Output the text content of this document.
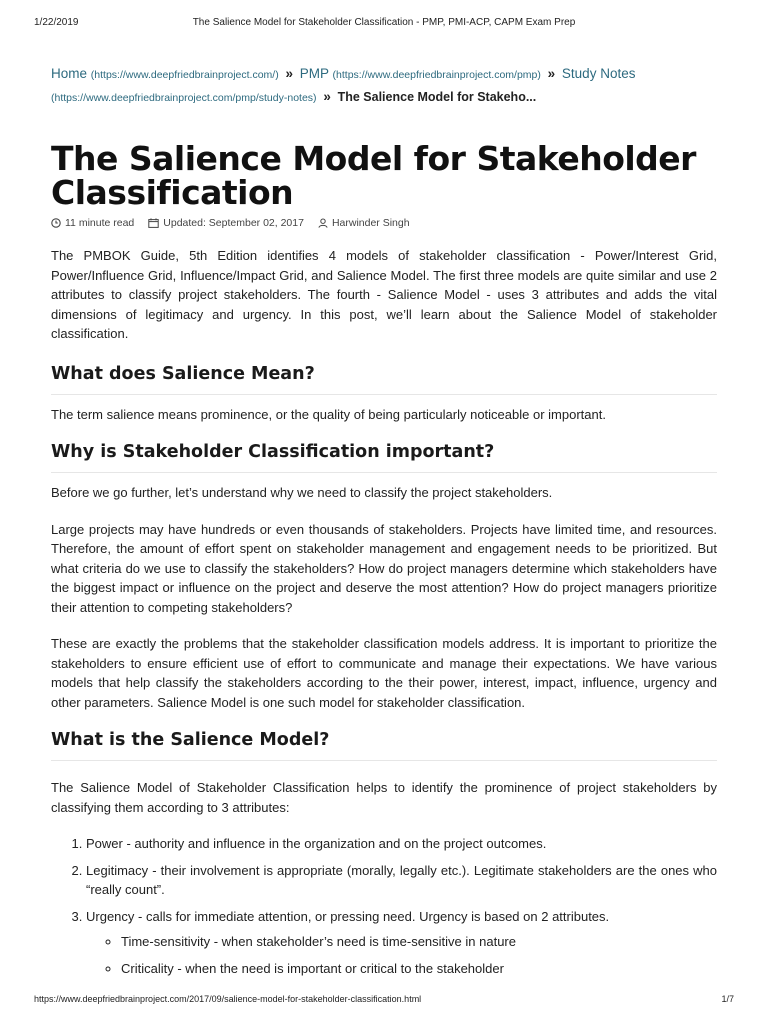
1/22/2019	The Salience Model for Stakeholder Classification - PMP, PMI-ACP, CAPM Exam Prep
Home (https://www.deepfriedbrainproject.com/) » PMP (https://www.deepfriedbrainproject.com/pmp) » Study Notes
(https://www.deepfriedbrainproject.com/pmp/study-notes) » The Salience Model for Stakeho...
The Salience Model for Stakeholder Classification
11 minute read	Updated: September 02, 2017	Harwinder Singh

The PMBOK Guide, 5th Edition identifies 4 models of stakeholder classification - Power/Interest Grid, Power/Influence Grid, Influence/Impact Grid, and Salience Model. The first three models are quite similar and use 2 attributes to classify project stakeholders. The fourth - Salience Model - uses 3 attributes and adds the vital dimensions of legitimacy and urgency. In this post, we’ll learn about the Salience Model of stakeholder classification.

What does Salience Mean?

The term salience means prominence, or the quality of being particularly noticeable or important.

Why is Stakeholder Classification important?

Before we go further, let’s understand why we need to classify the project stakeholders.

Large projects may have hundreds or even thousands of stakeholders. Projects have limited time, and resources. Therefore, the amount of effort spent on stakeholder management and engagement needs to be prioritized. But what criteria do we use to classify the stakeholders? How do project managers determine which stakeholders have the biggest impact or influence on the project and deserve the most attention? How do project managers prioritize their attention to competing stakeholders?

These are exactly the problems that the stakeholder classification models address. It is important to prioritize the stakeholders to ensure efficient use of effort to communicate and manage their expectations. We have various models that help classify the stakeholders according to the their power, interest, impact, influence, urgency and other parameters. Salience Model is one such model for stakeholder classification.

What is the Salience Model?

The Salience Model of Stakeholder Classification helps to identify the prominence of project stakeholders by classifying them according to 3 attributes:

1. Power - authority and influence in the organization and on the project outcomes.
2. Legitimacy - their involvement is appropriate (morally, legally etc.). Legitimate stakeholders are the ones who “really count”.
3. Urgency - calls for immediate attention, or pressing need. Urgency is based on 2 attributes.
◦ Time-sensitivity - when stakeholder’s need is time-sensitive in nature
◦ Criticality - when the need is important or critical to the stakeholder
https://www.deepfriedbrainproject.com/2017/09/salience-model-for-stakeholder-classification.html	1/7
